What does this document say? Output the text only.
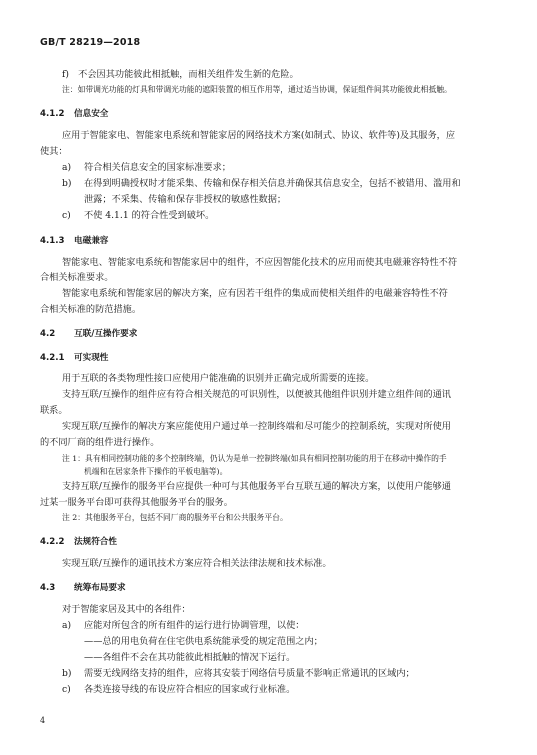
GB/T 28219—2018
f)　不会因其功能彼此相抵触，而相关组件发生新的危险。
注：如带调光功能的灯具和带调光功能的遮阳装置的相互作用等，通过适当协调，保证组件间其功能彼此相抵触。
4.1.2 信息安全
应用于智能家电、智能家电系统和智能家居的网络技术方案(如制式、协议、软件等)及其服务，应
使其：
a) 符合相关信息安全的国家标准要求；
b) 在得到明确授权时才能采集、传输和保存相关信息并确保其信息安全，包括不被错用、滥用和
泄露；不采集、传输和保存非授权的敏感性数据；
c) 不使 4.1.1 的符合性受到破坏。
4.1.3 电磁兼容
智能家电、智能家电系统和智能家居中的组件，不应因智能化技术的应用而使其电磁兼容特性不符
合相关标准要求。
智能家电系统和智能家居的解决方案，应有因若干组件的集成而使相关组件的电磁兼容特性不符
合相关标准的防范措施。
4.2 互联/互操作要求
4.2.1 可实现性
用于互联的各类物理性接口应使用户能准确的识别并正确完成所需要的连接。
支持互联/互操作的组件应有符合相关规范的可识别性，以便被其他组件识别并建立组件间的通讯
联系。
实现互联/互操作的解决方案应能使用户通过单一控制终端和尽可能少的控制系统，实现对所使用
的不同厂商的组件进行操作。
注 1：具有相同控制功能的多个控制终端，仍认为是单一控制终端(如具有相同控制功能的用于在移动中操作的手
机端和在居家条件下操作的平板电脑等)。
支持互联/互操作的服务平台应提供一种可与其他服务平台互联互通的解决方案，以使用户能够通
过某一服务平台即可获得其他服务平台的服务。
注 2：其他服务平台，包括不同厂商的服务平台和公共服务平台。
4.2.2 法规符合性
实现互联/互操作的通讯技术方案应符合相关法律法规和技术标准。
4.3 统筹布局要求
对于智能家居及其中的各组件：
a) 应能对所包含的所有组件的运行进行协调管理，以使：
——总的用电负荷在住宅供电系统能承受的规定范围之内；
——各组件不会在其功能彼此相抵触的情况下运行。
b) 需要无线网络支持的组件，应将其安装于网络信号质量不影响正常通讯的区域内；
c) 各类连接导线的布设应符合相应的国家或行业标准。
4
